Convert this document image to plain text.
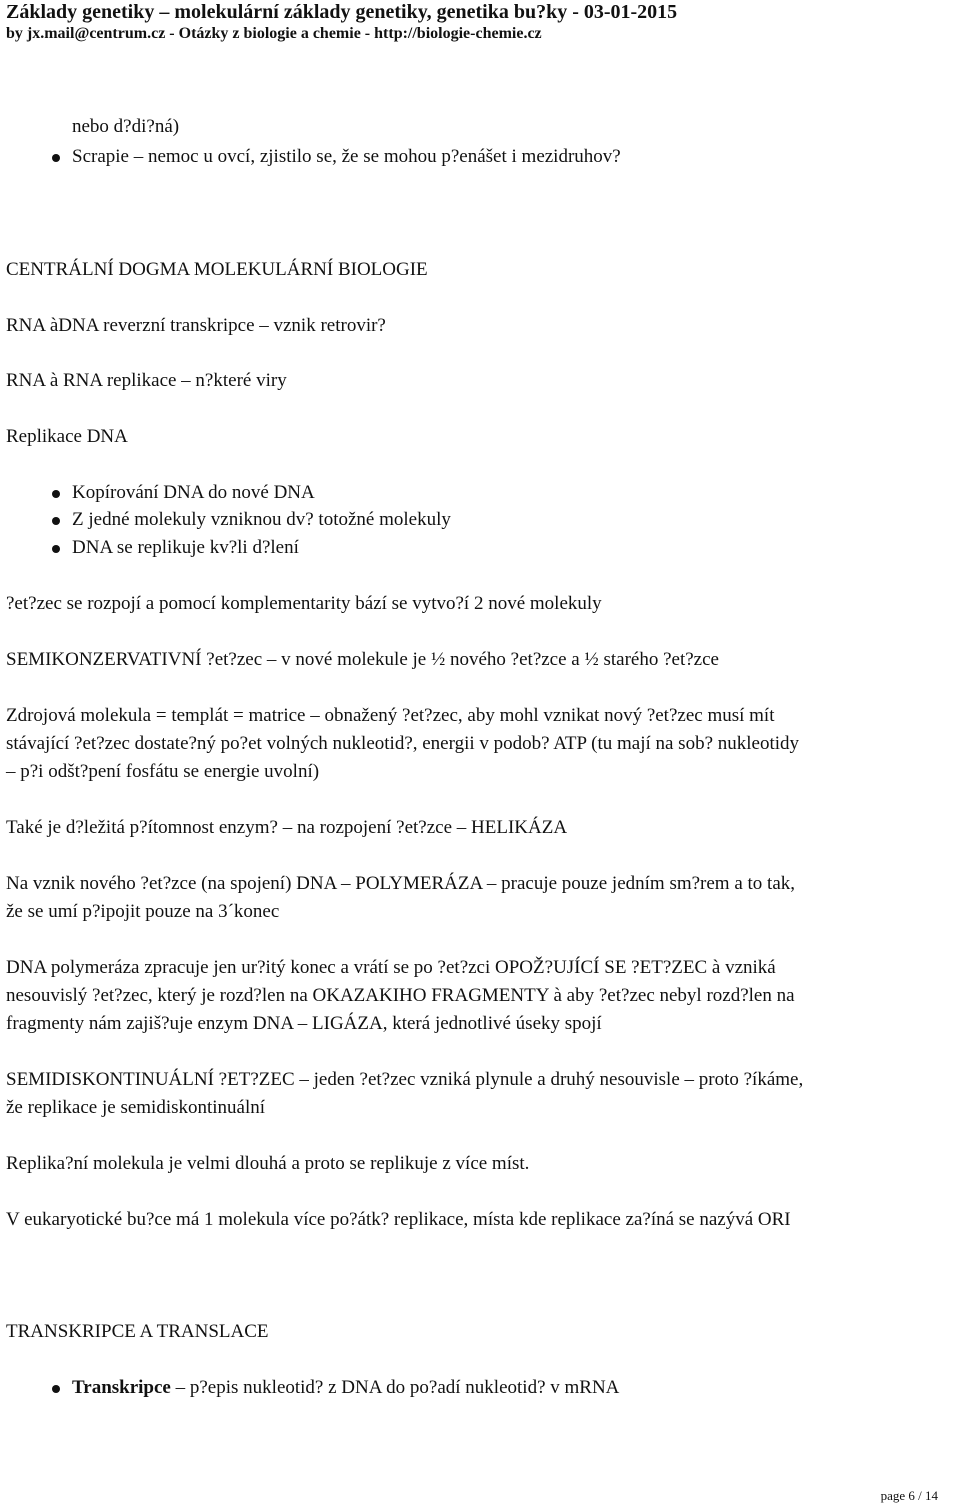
Základy genetiky – molekulární základy genetiky, genetika bu?ky - 03-01-2015
by jx.mail@centrum.cz - Otázky z biologie a chemie - http://biologie-chemie.cz
nebo d?di?ná)
Scrapie – nemoc u ovcí, zjistilo se, že se mohou p?enášet i mezidruhov?
CENTRÁLNÍ DOGMA MOLEKULÁRNÍ BIOLOGIE
RNA àDNA reverzní transkripce – vznik retrovir?
RNA à RNA replikace – n?které viry
Replikace DNA
Kopírování DNA do nové DNA
Z jedné molekuly vzniknou dv? totožné molekuly
DNA se replikuje kv?li d?lení
?et?zec se rozpojí a pomocí komplementarity bází se vytvo?í 2 nové molekuly
SEMIKONZERVATIVNÍ ?et?zec – v nové molekule je ½ nového ?et?zce a ½ starého ?et?zce
Zdrojová molekula = templát = matrice – obnažený ?et?zec, aby mohl vznikat nový ?et?zec musí mít
stávající ?et?zec dostate?ný po?et volných nukleotid?, energii v podob? ATP (tu mají na sob? nukleotidy
– p?i odšt?pení fosfátu se energie uvolní)
Také je d?ležitá p?ítomnost enzym? – na rozpojení ?et?zce – HELIKÁZA
Na vznik nového ?et?zce (na spojení) DNA – POLYMERÁZA – pracuje pouze jedním sm?rem a to tak,
že se umí p?ipojit pouze na 3´konec
DNA polymeráza zpracuje jen ur?itý konec a vrátí se po ?et?zci OPOŽ?UJÍCÍ SE ?ET?ZEC à vzniká
nesouvislý ?et?zec, který je rozd?len na OKAZAKIHO FRAGMENTY à aby ?et?zec nebyl rozd?len na
fragmenty nám zajiš?uje enzym DNA – LIGÁZA, která jednotlivé úseky spojí
SEMIDISKONTINUÁLNÍ ?ET?ZEC – jeden ?et?zec vzniká plynule a druhý nesouvisle – proto ?íkáme,
že replikace je semidiskontinuální
Replika?ní molekula je velmi dlouhá a proto se replikuje z více míst.
V eukaryotické bu?ce má 1 molekula více po?átk? replikace, místa kde replikace za?íná se nazývá ORI
TRANSKRIPCE A TRANSLACE
Transkripce – p?epis nukleotid? z DNA do po?adí nukleotid? v mRNA
page 6 / 14
